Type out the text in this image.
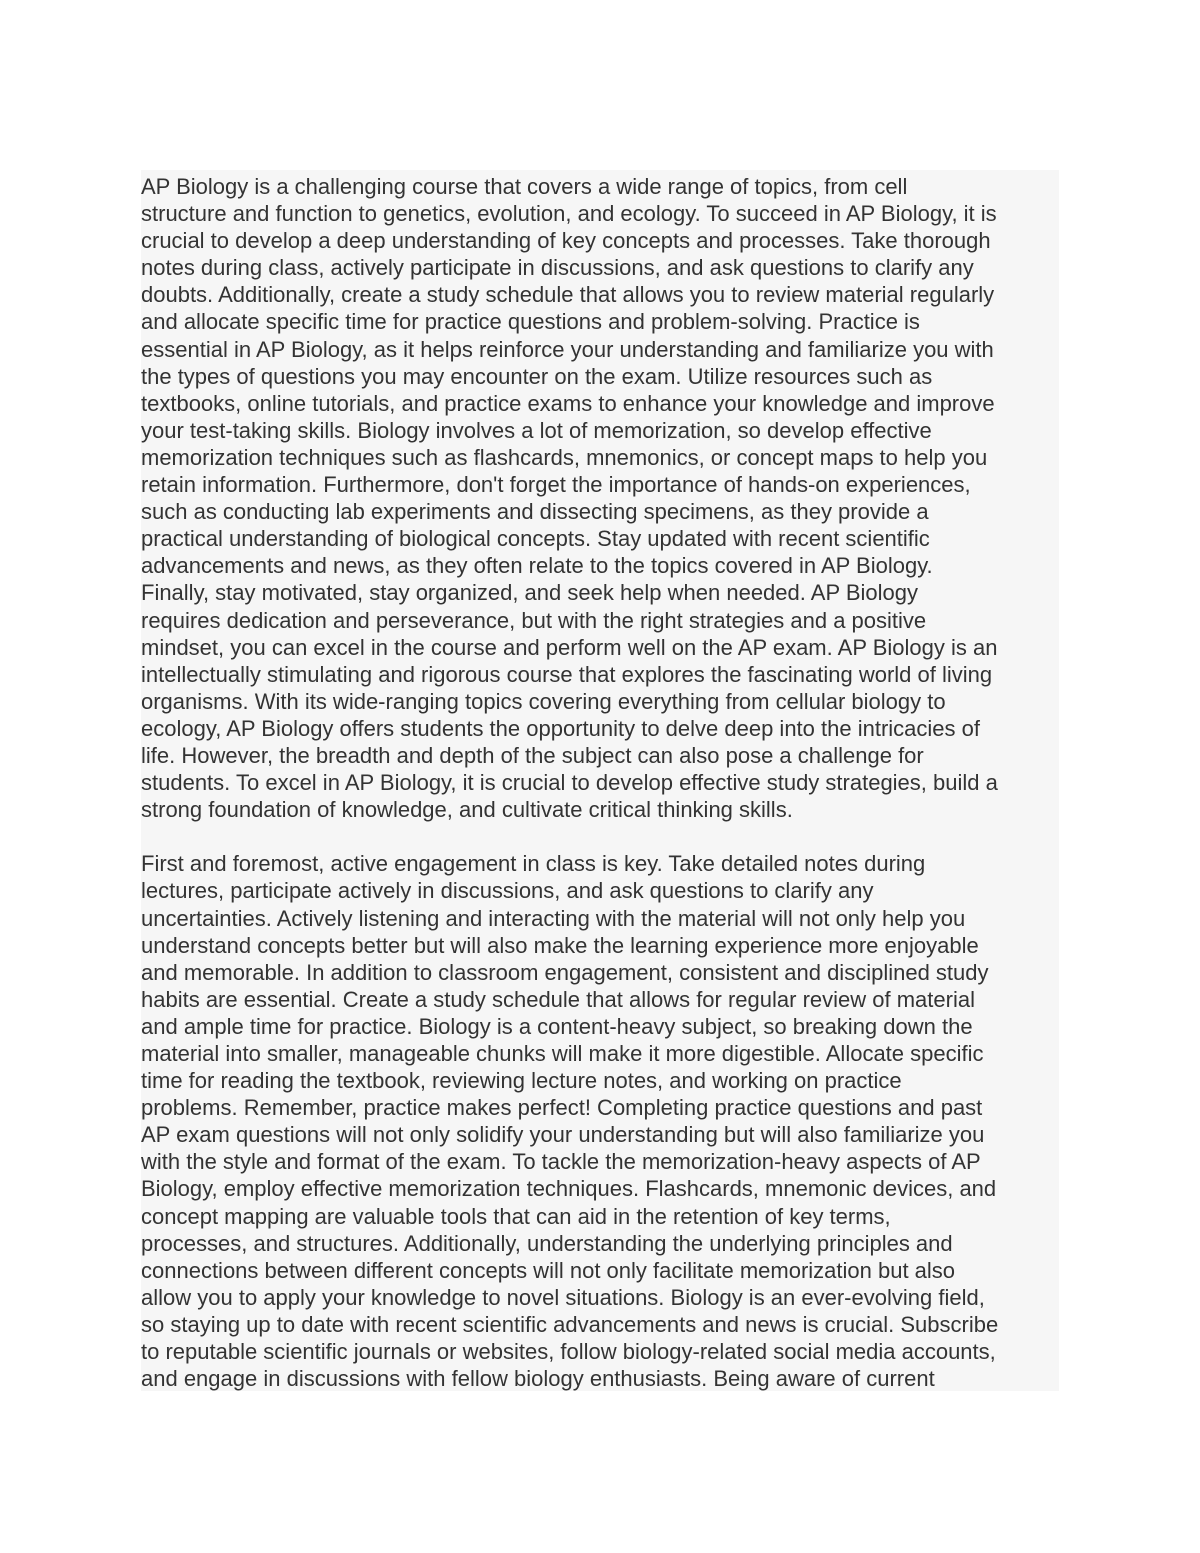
AP Biology is a challenging course that covers a wide range of topics, from cell
structure and function to genetics, evolution, and ecology. To succeed in AP Biology, it is
crucial to develop a deep understanding of key concepts and processes. Take thorough
notes during class, actively participate in discussions, and ask questions to clarify any
doubts. Additionally, create a study schedule that allows you to review material regularly
and allocate specific time for practice questions and problem-solving. Practice is
essential in AP Biology, as it helps reinforce your understanding and familiarize you with
the types of questions you may encounter on the exam. Utilize resources such as
textbooks, online tutorials, and practice exams to enhance your knowledge and improve
your test-taking skills. Biology involves a lot of memorization, so develop effective
memorization techniques such as flashcards, mnemonics, or concept maps to help you
retain information. Furthermore, don't forget the importance of hands-on experiences,
such as conducting lab experiments and dissecting specimens, as they provide a
practical understanding of biological concepts. Stay updated with recent scientific
advancements and news, as they often relate to the topics covered in AP Biology.
Finally, stay motivated, stay organized, and seek help when needed. AP Biology
requires dedication and perseverance, but with the right strategies and a positive
mindset, you can excel in the course and perform well on the AP exam. AP Biology is an
intellectually stimulating and rigorous course that explores the fascinating world of living
organisms. With its wide-ranging topics covering everything from cellular biology to
ecology, AP Biology offers students the opportunity to delve deep into the intricacies of
life. However, the breadth and depth of the subject can also pose a challenge for
students. To excel in AP Biology, it is crucial to develop effective study strategies, build a
strong foundation of knowledge, and cultivate critical thinking skills.
First and foremost, active engagement in class is key. Take detailed notes during
lectures, participate actively in discussions, and ask questions to clarify any
uncertainties. Actively listening and interacting with the material will not only help you
understand concepts better but will also make the learning experience more enjoyable
and memorable. In addition to classroom engagement, consistent and disciplined study
habits are essential. Create a study schedule that allows for regular review of material
and ample time for practice. Biology is a content-heavy subject, so breaking down the
material into smaller, manageable chunks will make it more digestible. Allocate specific
time for reading the textbook, reviewing lecture notes, and working on practice
problems. Remember, practice makes perfect! Completing practice questions and past
AP exam questions will not only solidify your understanding but will also familiarize you
with the style and format of the exam. To tackle the memorization-heavy aspects of AP
Biology, employ effective memorization techniques. Flashcards, mnemonic devices, and
concept mapping are valuable tools that can aid in the retention of key terms,
processes, and structures. Additionally, understanding the underlying principles and
connections between different concepts will not only facilitate memorization but also
allow you to apply your knowledge to novel situations. Biology is an ever-evolving field,
so staying up to date with recent scientific advancements and news is crucial. Subscribe
to reputable scientific journals or websites, follow biology-related social media accounts,
and engage in discussions with fellow biology enthusiasts. Being aware of current
